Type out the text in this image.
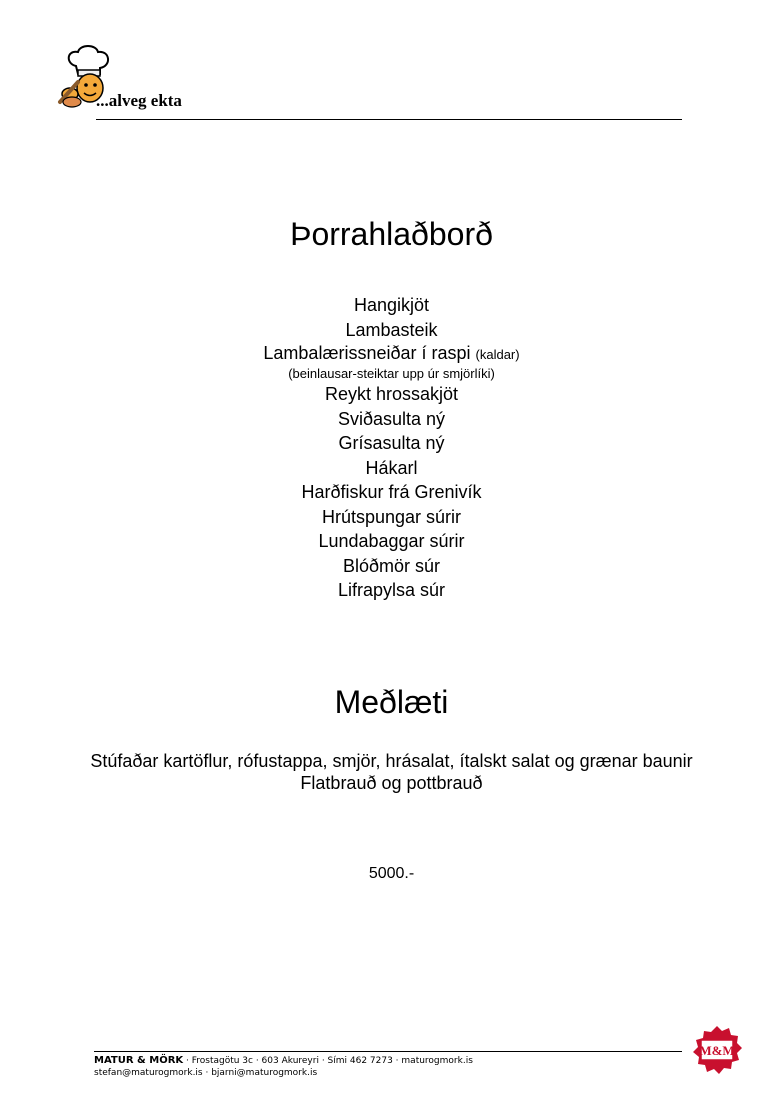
...alveg ekta
Þorrahlaðborð
Hangikjöt
Lambasteik
Lambalærissneiðar í raspi (kaldar)
(beinlausar-steiktar upp úr smjörlíki)
Reykt hrossakjöt
Sviðasulta ný
Grísasulta ný
Hákarl
Harðfiskur frá Grenivík
Hrútspungar súrir
Lundabaggar súrir
Blóðmör súr
Lifrapylsa súr
Meðlæti
Stúfaðar kartöflur, rófustappa, smjör, hrásalat, ítalskt salat og grænar baunir
Flatbrauð og pottbrauð
5000.-
MATUR & MÖRK · Frostagötu 3c · 603 Akureyri · Sími 462 7273 · maturogmork.is
stefan@maturogmork.is · bjarni@maturogmork.is
M&M
